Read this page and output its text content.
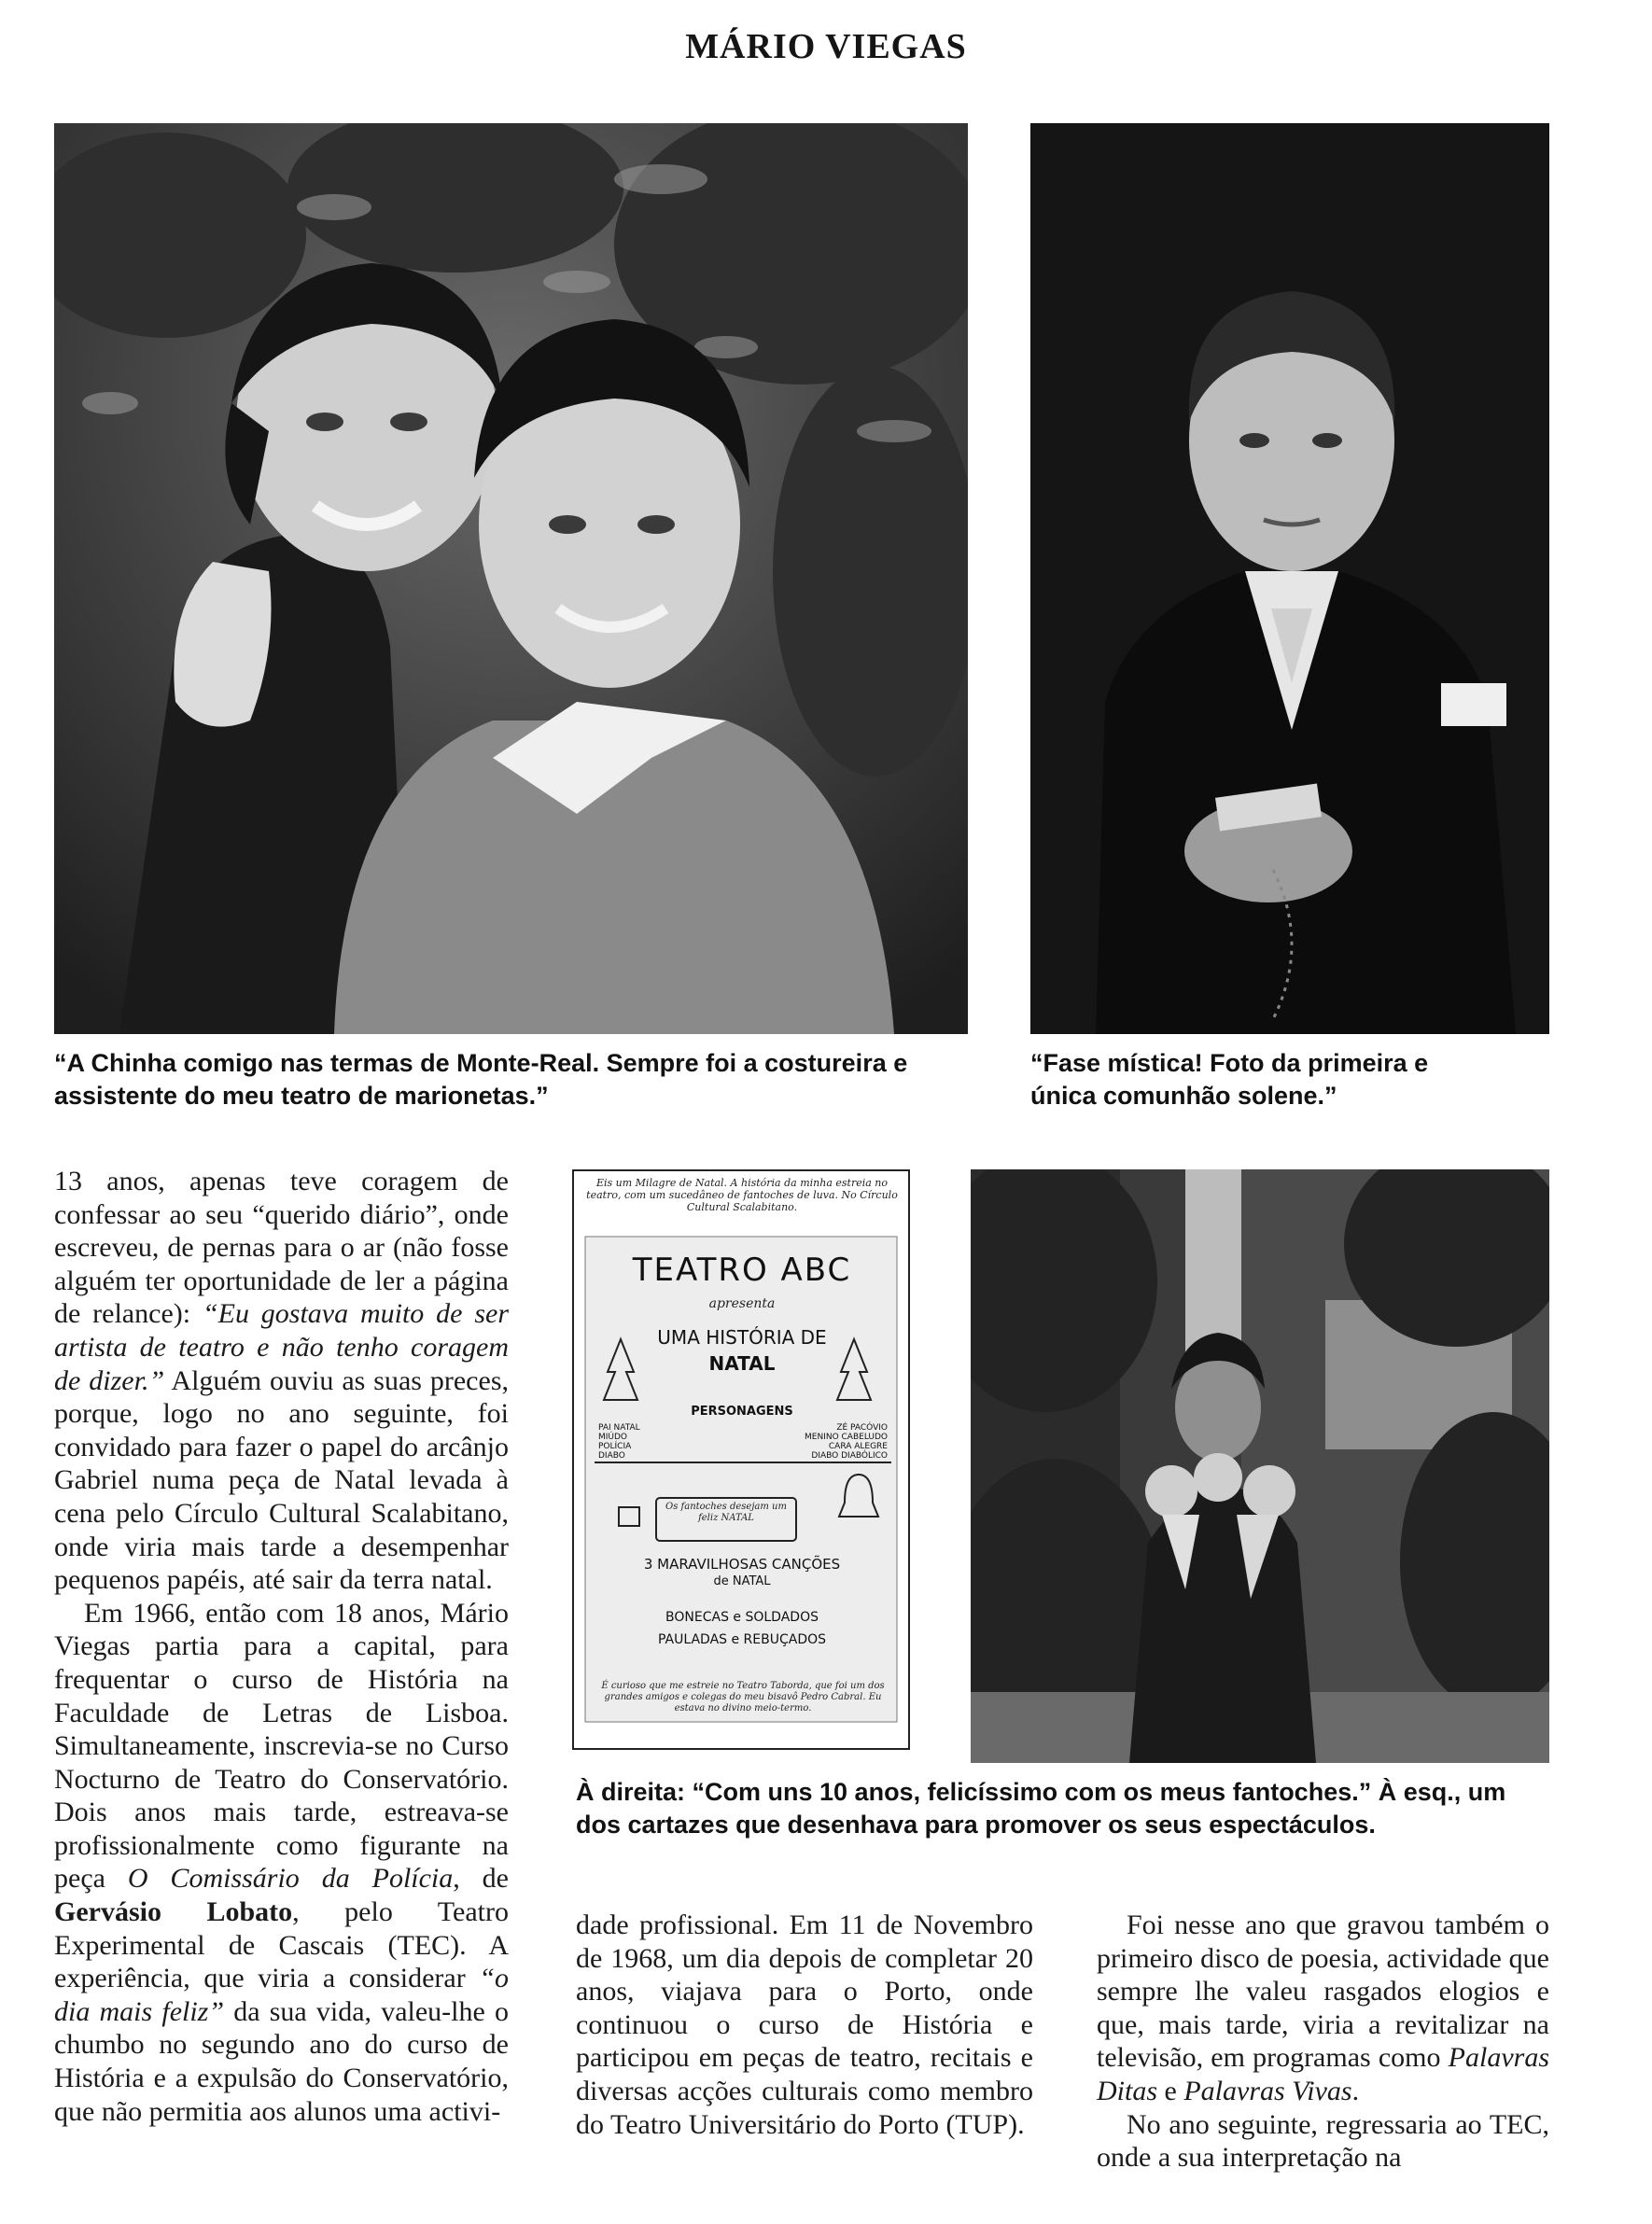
MÁRIO VIEGAS
“A Chinha comigo nas termas de Monte-Real. Sempre foi a costureira e assistente do meu teatro de marionetas.”
“Fase mística! Foto da primeira e única comunhão solene.”
Eis um Milagre de Natal. A história da minha estreia no teatro, com um sucedâneo de fantoches de luva. No Círculo Cultural Scalabitano.
TEATRO ABC
apresenta
UMA HISTÓRIA DE
NATAL
PERSONAGENS
PAI NATAL	ZÉ PACÓVIO
MIÚDO	MENINO CABELUDO
POLÍCIA	CARA ALEGRE
DIABO	DIABO DIABÓLICO
Os fantoches desejam um feliz NATAL
3 MARAVILHOSAS CANÇÕES
de NATAL
BONECAS e SOLDADOS
PAULADAS e REBUÇADOS
É curioso que me estreie no Teatro Taborda, que foi um dos grandes amigos e colegas do meu bisavô Pedro Cabral. Eu estava no divino meio-termo.
À direita: “Com uns 10 anos, felicíssimo com os meus fantoches.” À esq., um dos cartazes que desenhava para promover os seus espectáculos.

13 anos, apenas teve coragem de confessar ao seu “querido diário”, onde escreveu, de pernas para o ar (não fosse alguém ter oportunidade de ler a página de relance): “Eu gostava muito de ser artista de teatro e não tenho coragem de dizer.” Alguém ouviu as suas preces, porque, logo no ano seguinte, foi convidado para fazer o papel do arcânjo Gabriel numa peça de Natal levada à cena pelo Círculo Cultural Scalabitano, onde viria mais tarde a desempenhar pequenos papéis, até sair da terra natal.

Em 1966, então com 18 anos, Mário Viegas partia para a capital, para frequentar o curso de História na Faculdade de Letras de Lisboa. Simultaneamente, inscrevia-se no Curso Nocturno de Teatro do Conservatório. Dois anos mais tarde, estreava-se profissionalmente como figurante na peça O Comissário da Polícia, de Gervásio Lobato, pelo Teatro Experimental de Cascais (TEC). A experiência, que viria a considerar “o dia mais feliz” da sua vida, valeu-lhe o chumbo no segundo ano do curso de História e a expulsão do Conservatório, que não permitia aos alunos uma activi-

dade profissional. Em 11 de Novembro de 1968, um dia depois de completar 20 anos, viajava para o Porto, onde continuou o curso de História e participou em peças de teatro, recitais e diversas acções culturais como membro do Teatro Universitário do Porto (TUP).

Foi nesse ano que gravou também o primeiro disco de poesia, actividade que sempre lhe valeu rasgados elogios e que, mais tarde, viria a revitalizar na televisão, em programas como Palavras Ditas e Palavras Vivas.

No ano seguinte, regressaria ao TEC, onde a sua interpretação na
